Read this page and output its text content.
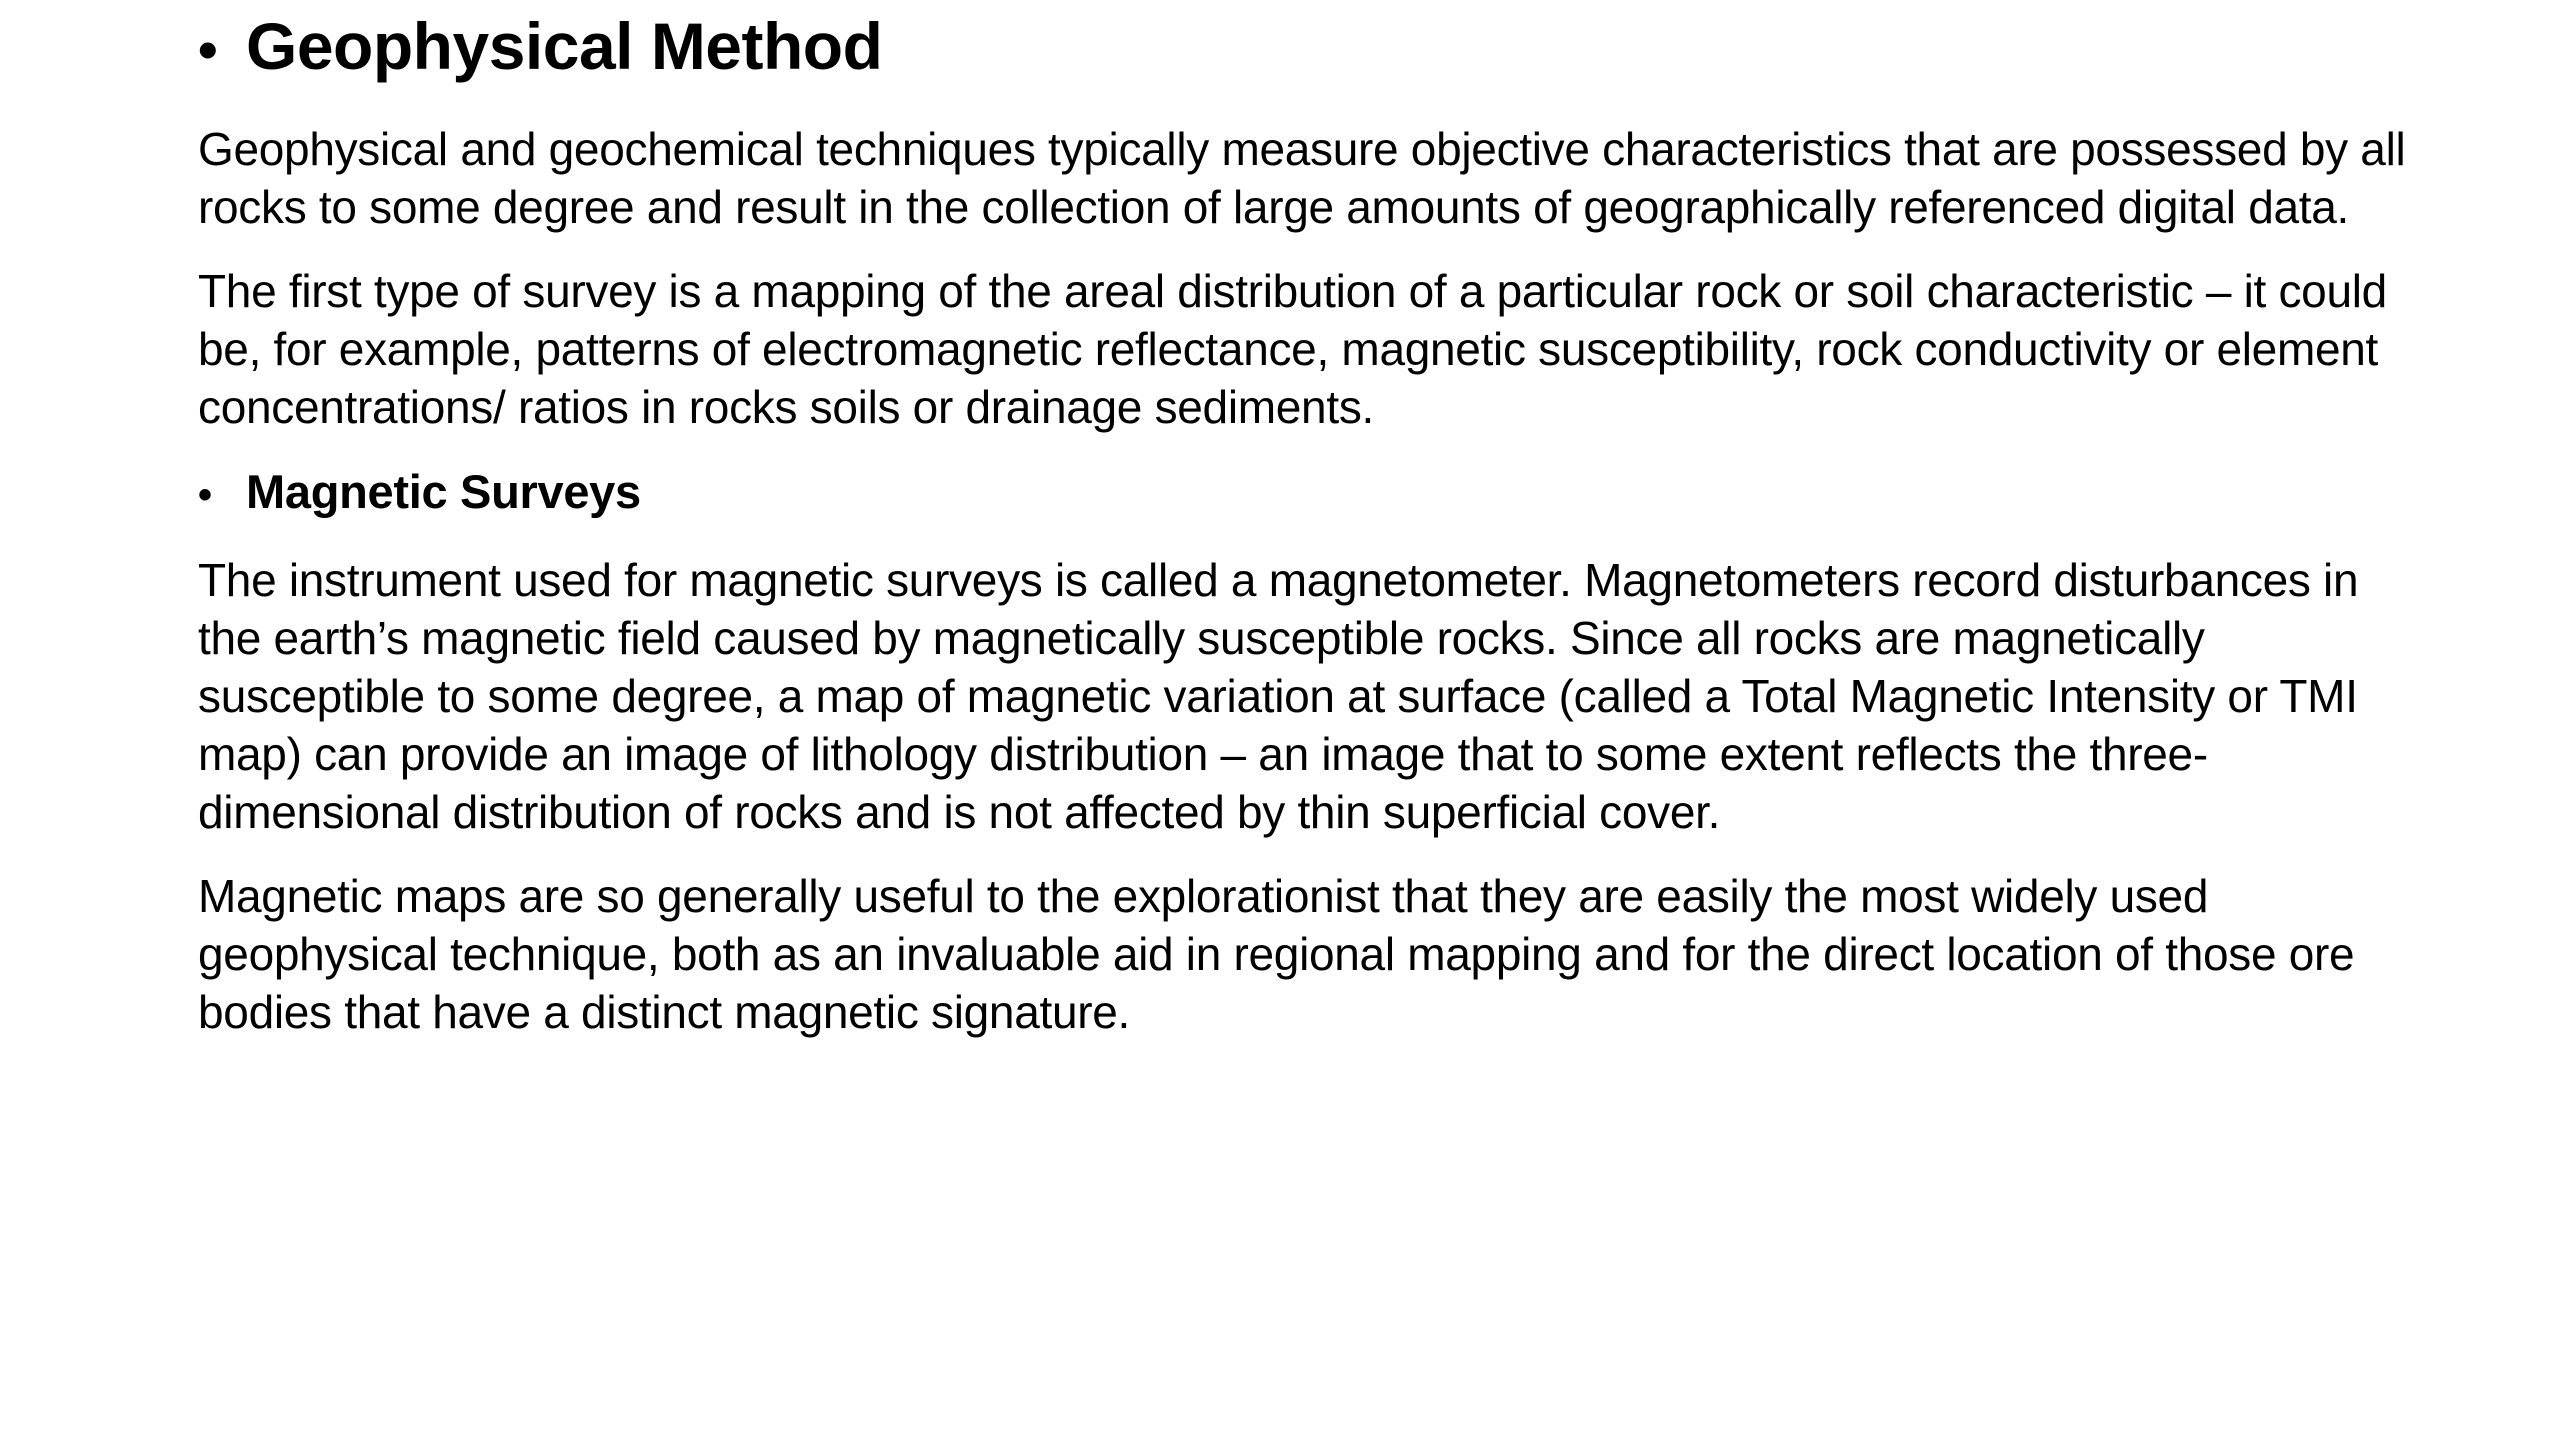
• Geophysical Method

Geophysical and geochemical techniques typically measure objective characteristics that are possessed by all rocks to some degree and result in the collection of large amounts of geographically referenced digital data.

The first type of survey is a mapping of the areal distribution of a particular rock or soil characteristic – it could be, for example, patterns of electromagnetic reflectance, magnetic susceptibility, rock conductivity or element concentrations/ ratios in rocks soils or drainage sediments.

• Magnetic Surveys

The instrument used for magnetic surveys is called a magnetometer. Magnetometers record disturbances in the earth’s magnetic field caused by magnetically susceptible rocks. Since all rocks are magnetically susceptible to some degree, a map of magnetic variation at surface (called a Total Magnetic Intensity or TMI map) can provide an image of lithology distribution – an image that to some extent reflects the three-dimensional distribution of rocks and is not affected by thin superficial cover.

Magnetic maps are so generally useful to the explorationist that they are easily the most widely used geophysical technique, both as an invaluable aid in regional mapping and for the direct location of those ore bodies that have a distinct magnetic signature.
